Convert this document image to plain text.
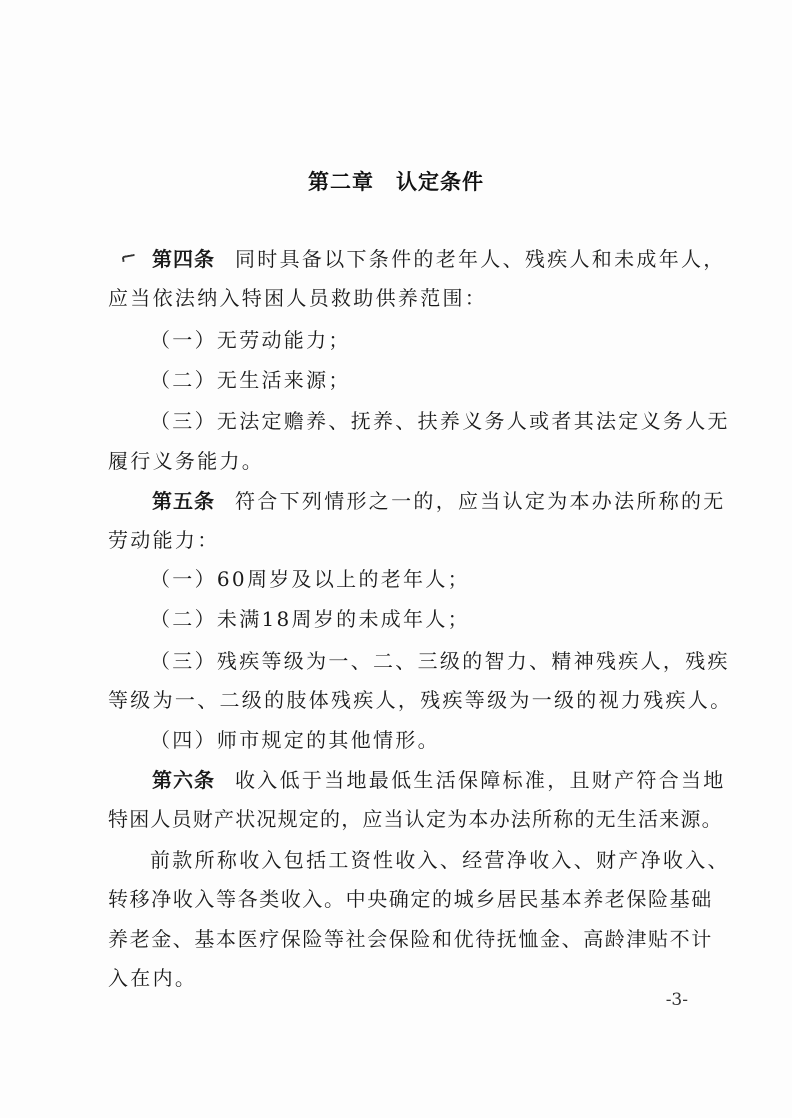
第二章　认定条件
第四条 同时具备以下条件的老年人、残疾人和未成年人，
应当依法纳入特困人员救助供养范围：
（一）无劳动能力；
（二）无生活来源；
（三）无法定赡养、抚养、扶养义务人或者其法定义务人无
履行义务能力。
第五条 符合下列情形之一的，应当认定为本办法所称的无
劳动能力：
（一）60周岁及以上的老年人；
（二）未满18周岁的未成年人；
（三）残疾等级为一、二、三级的智力、精神残疾人，残疾
等级为一、二级的肢体残疾人，残疾等级为一级的视力残疾人。
（四）师市规定的其他情形。
第六条 收入低于当地最低生活保障标准，且财产符合当地
特困人员财产状况规定的，应当认定为本办法所称的无生活来源。
前款所称收入包括工资性收入、经营净收入、财产净收入、
转移净收入等各类收入。中央确定的城乡居民基本养老保险基础
养老金、基本医疗保险等社会保险和优待抚恤金、高龄津贴不计
入在内。
-3-
